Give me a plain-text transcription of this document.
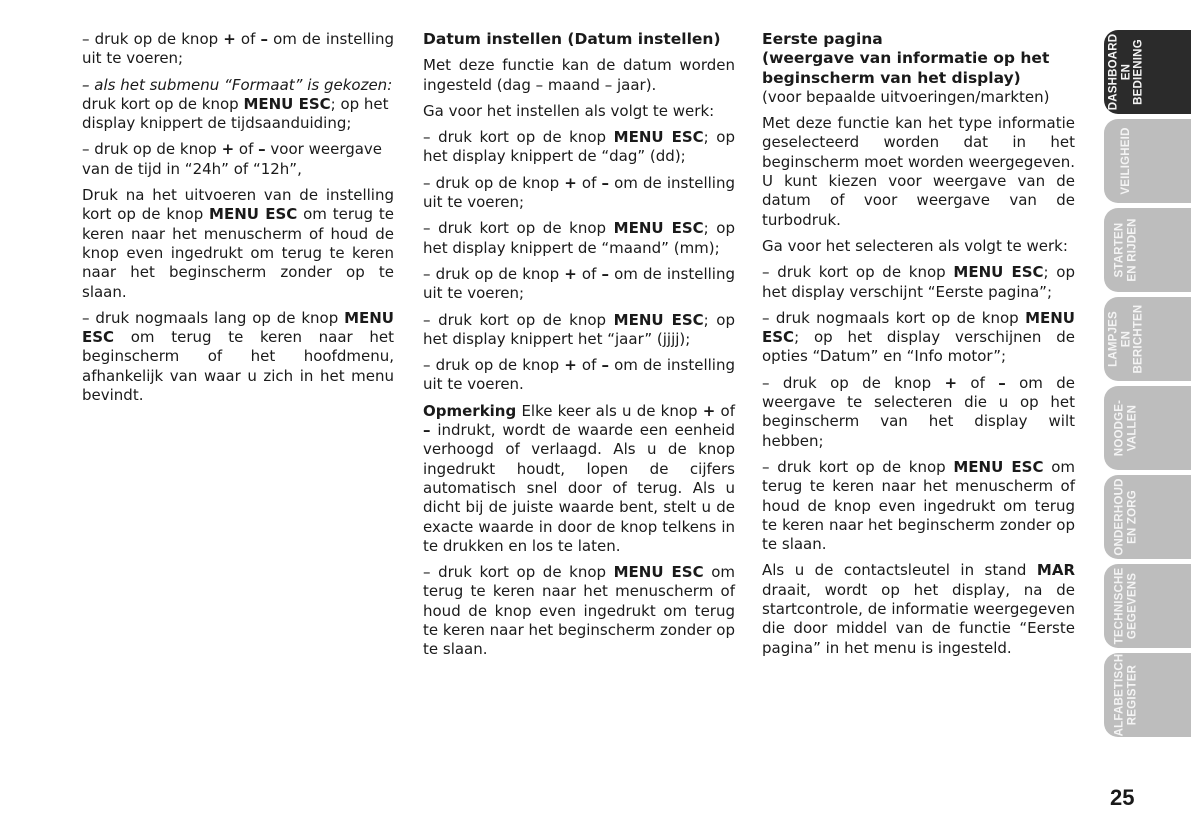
– druk op de knop + of – om de instelling uit te voeren;

– als het submenu “Formaat” is gekozen: druk kort op de knop MENU ESC; op het display knippert de tijdsaanduiding;

– druk op de knop + of – voor weergave van de tijd in “24h” of “12h”,

Druk na het uitvoeren van de instelling kort op de knop MENU ESC om terug te keren naar het menuscherm of houd de knop even ingedrukt om terug te keren naar het beginscherm zonder op te slaan.

– druk nogmaals lang op de knop MENU ESC om terug te keren naar het beginscherm of het hoofdmenu, afhankelijk van waar u zich in het menu bevindt.

Datum instellen (Datum instellen)

Met deze functie kan de datum worden ingesteld (dag – maand – jaar).

Ga voor het instellen als volgt te werk:

– druk kort op de knop MENU ESC; op het display knippert de “dag” (dd);

– druk op de knop + of – om de instelling uit te voeren;

– druk kort op de knop MENU ESC; op het display knippert de “maand” (mm);

– druk op de knop + of – om de instelling uit te voeren;

– druk kort op de knop MENU ESC; op het display knippert het “jaar” (jjjj);

– druk op de knop + of – om de instelling uit te voeren.

Opmerking Elke keer als u de knop + of – indrukt, wordt de waarde een eenheid verhoogd of verlaagd. Als u de knop ingedrukt houdt, lopen de cijfers automatisch snel door of terug. Als u dicht bij de juiste waarde bent, stelt u de exacte waarde in door de knop telkens in te drukken en los te laten.

– druk kort op de knop MENU ESC om terug te keren naar het menuscherm of houd de knop even ingedrukt om terug te keren naar het beginscherm zonder op te slaan.

Eerste pagina
(weergave van informatie op het beginscherm van het display)
(voor bepaalde uitvoeringen/markten)

Met deze functie kan het type informatie geselecteerd worden dat in het beginscherm moet worden weergegeven. U kunt kiezen voor weergave van de datum of voor weergave van de turbodruk.

Ga voor het selecteren als volgt te werk:

– druk kort op de knop MENU ESC; op het display verschijnt “Eerste pagina”;

– druk nogmaals kort op de knop MENU ESC; op het display verschijnen de opties “Datum” en “Info motor”;

– druk op de knop + of – om de weergave te selecteren die u op het beginscherm van het display wilt hebben;

– druk kort op de knop MENU ESC om terug te keren naar het menuscherm of houd de knop even ingedrukt om terug te keren naar het beginscherm zonder op te slaan.

Als u de contactsleutel in stand MAR draait, wordt op het display, na de startcontrole, de informatie weergegeven die door middel van de functie “Eerste pagina” in het menu is ingesteld.

DASHBOARD EN BEDIENING
VEILIGHEID
STARTEN EN RIJDEN
LAMPJES EN BERICHTEN
NOODGE- VALLEN
ONDERHOUD EN ZORG
TECHNISCHE GEGEVENS
ALFABETISCH REGISTER
25
